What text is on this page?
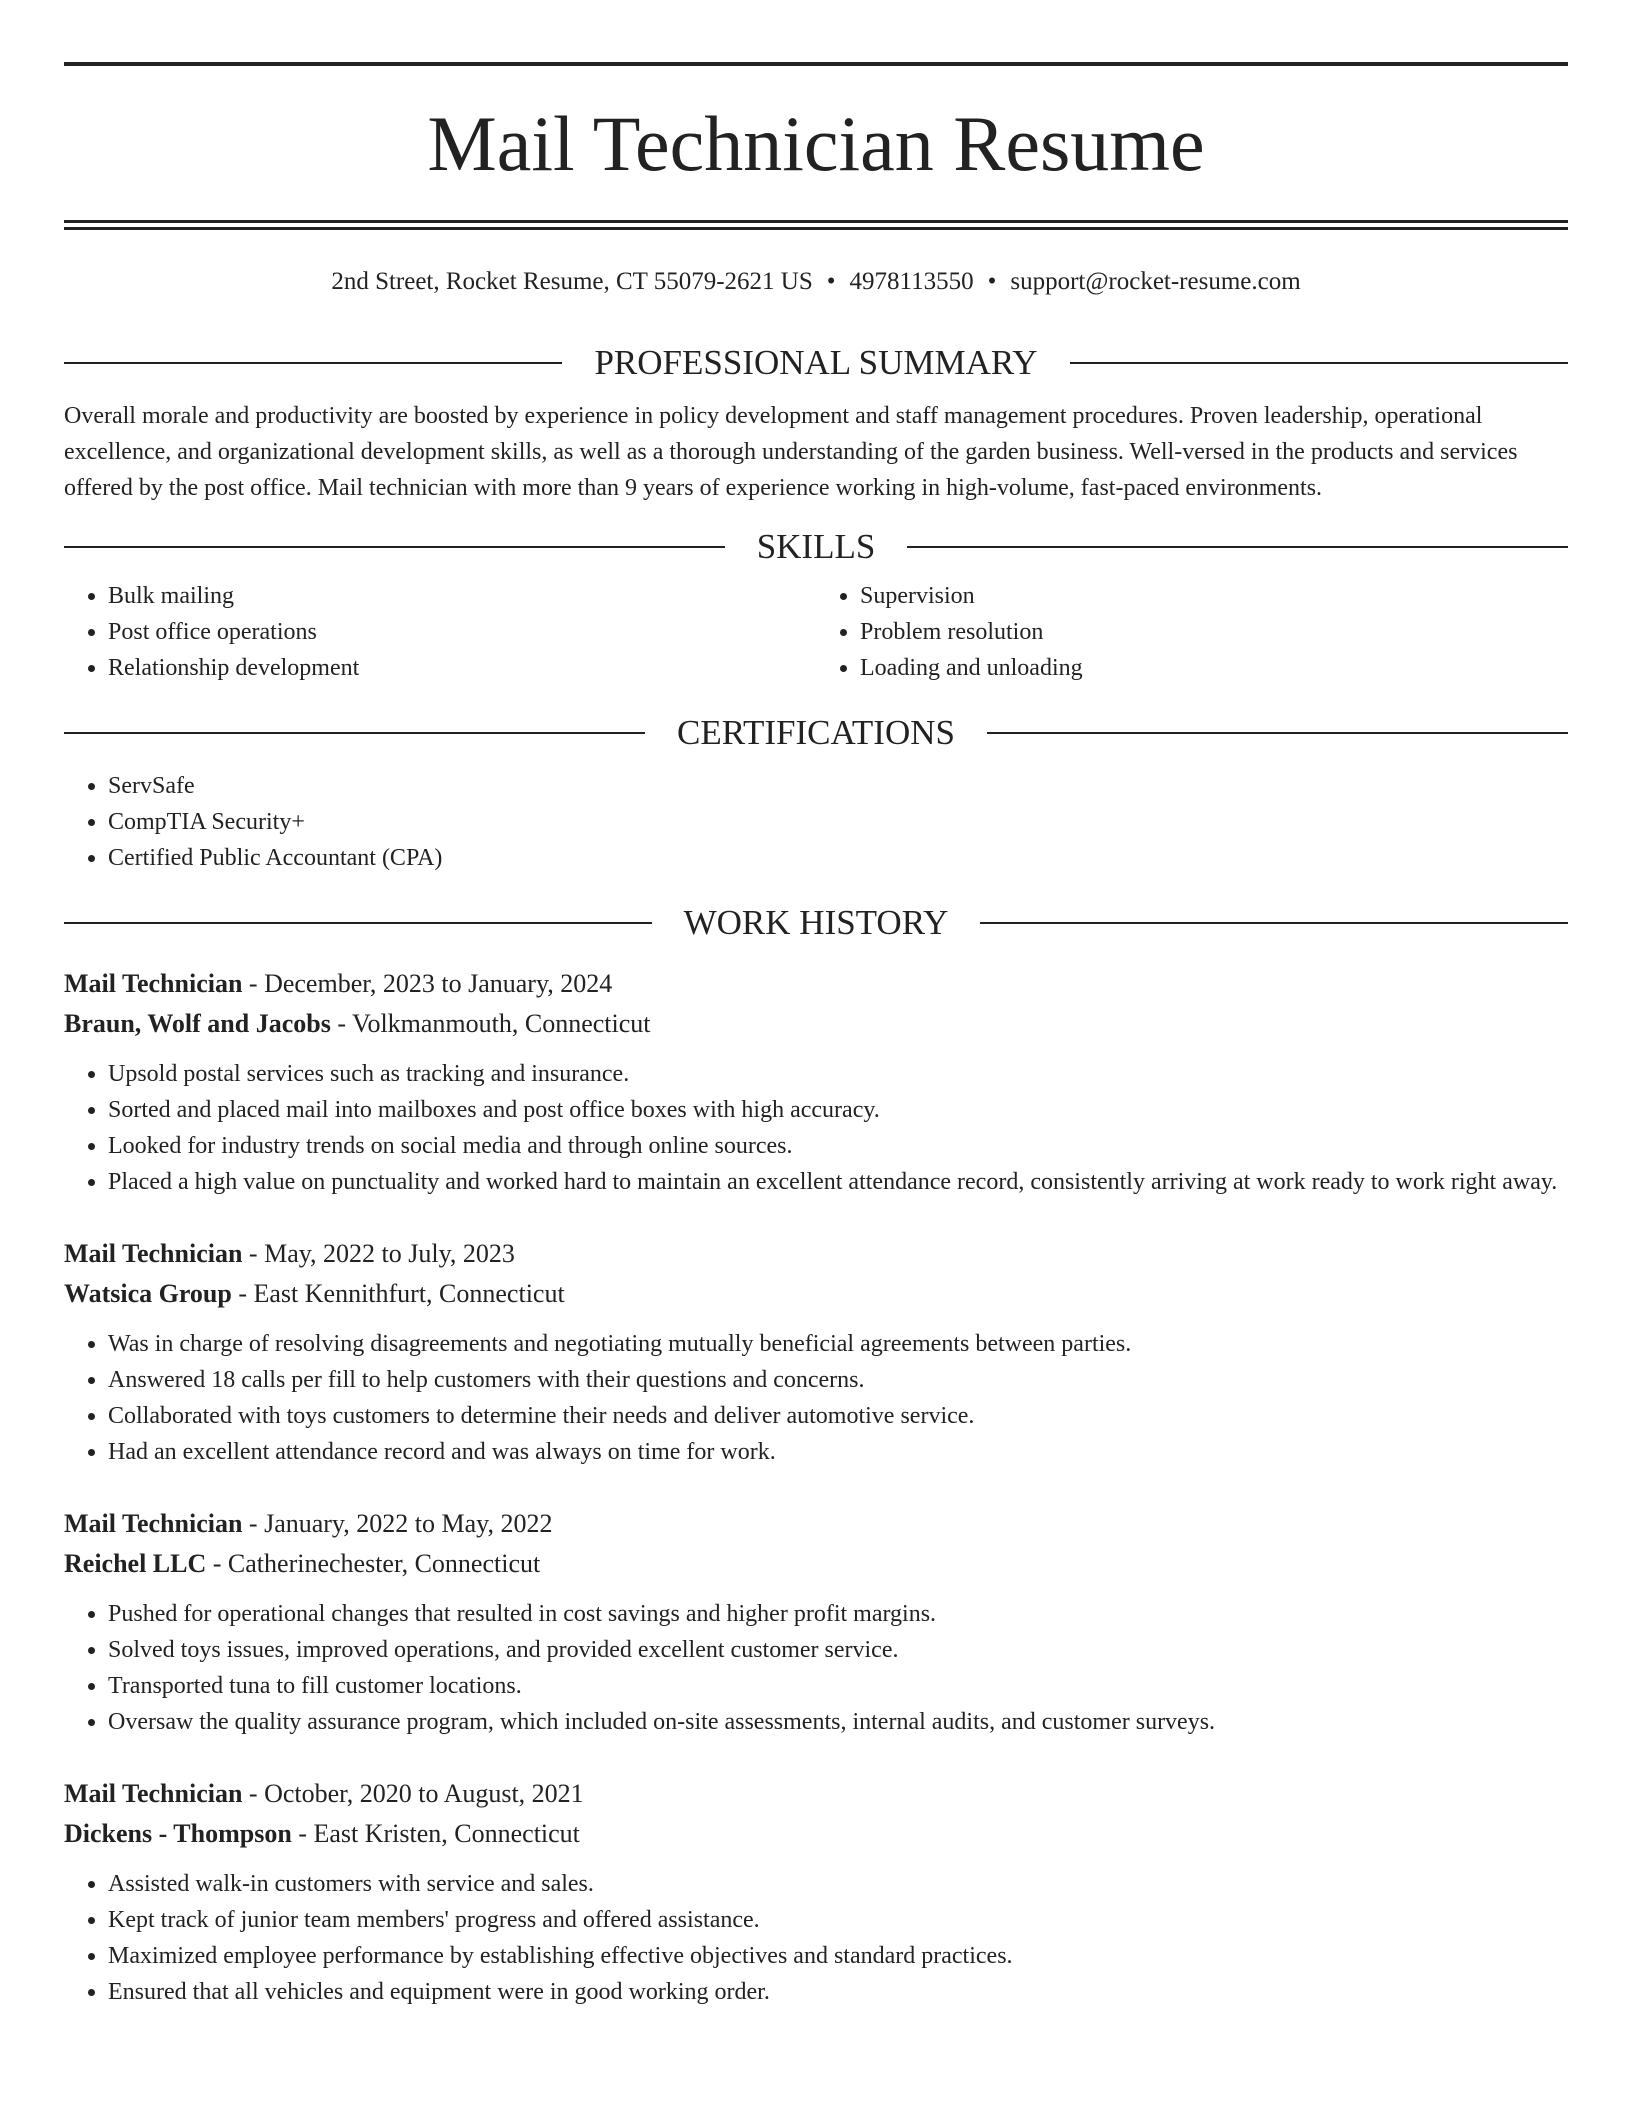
Mail Technician Resume
2nd Street, Rocket Resume, CT 55079-2621 US • 4978113550 • support@rocket-resume.com
PROFESSIONAL SUMMARY

Overall morale and productivity are boosted by experience in policy development and staff management procedures. Proven leadership, operational excellence, and organizational development skills, as well as a thorough understanding of the garden business. Well-versed in the products and services offered by the post office. Mail technician with more than 9 years of experience working in high-volume, fast-paced environments.

SKILLS
• Bulk mailing
• Post office operations
• Relationship development
• Supervision
• Problem resolution
• Loading and unloading
CERTIFICATIONS
• ServSafe
• CompTIA Security+
• Certified Public Accountant (CPA)
WORK HISTORY
Mail Technician - December, 2023 to January, 2024
Braun, Wolf and Jacobs - Volkmanmouth, Connecticut
• Upsold postal services such as tracking and insurance.
• Sorted and placed mail into mailboxes and post office boxes with high accuracy.
• Looked for industry trends on social media and through online sources.
• Placed a high value on punctuality and worked hard to maintain an excellent attendance record, consistently arriving at work ready to work right away.
Mail Technician - May, 2022 to July, 2023
Watsica Group - East Kennithfurt, Connecticut
• Was in charge of resolving disagreements and negotiating mutually beneficial agreements between parties.
• Answered 18 calls per fill to help customers with their questions and concerns.
• Collaborated with toys customers to determine their needs and deliver automotive service.
• Had an excellent attendance record and was always on time for work.
Mail Technician - January, 2022 to May, 2022
Reichel LLC - Catherinechester, Connecticut
• Pushed for operational changes that resulted in cost savings and higher profit margins.
• Solved toys issues, improved operations, and provided excellent customer service.
• Transported tuna to fill customer locations.
• Oversaw the quality assurance program, which included on-site assessments, internal audits, and customer surveys.
Mail Technician - October, 2020 to August, 2021
Dickens - Thompson - East Kristen, Connecticut
• Assisted walk-in customers with service and sales.
• Kept track of junior team members' progress and offered assistance.
• Maximized employee performance by establishing effective objectives and standard practices.
• Ensured that all vehicles and equipment were in good working order.
